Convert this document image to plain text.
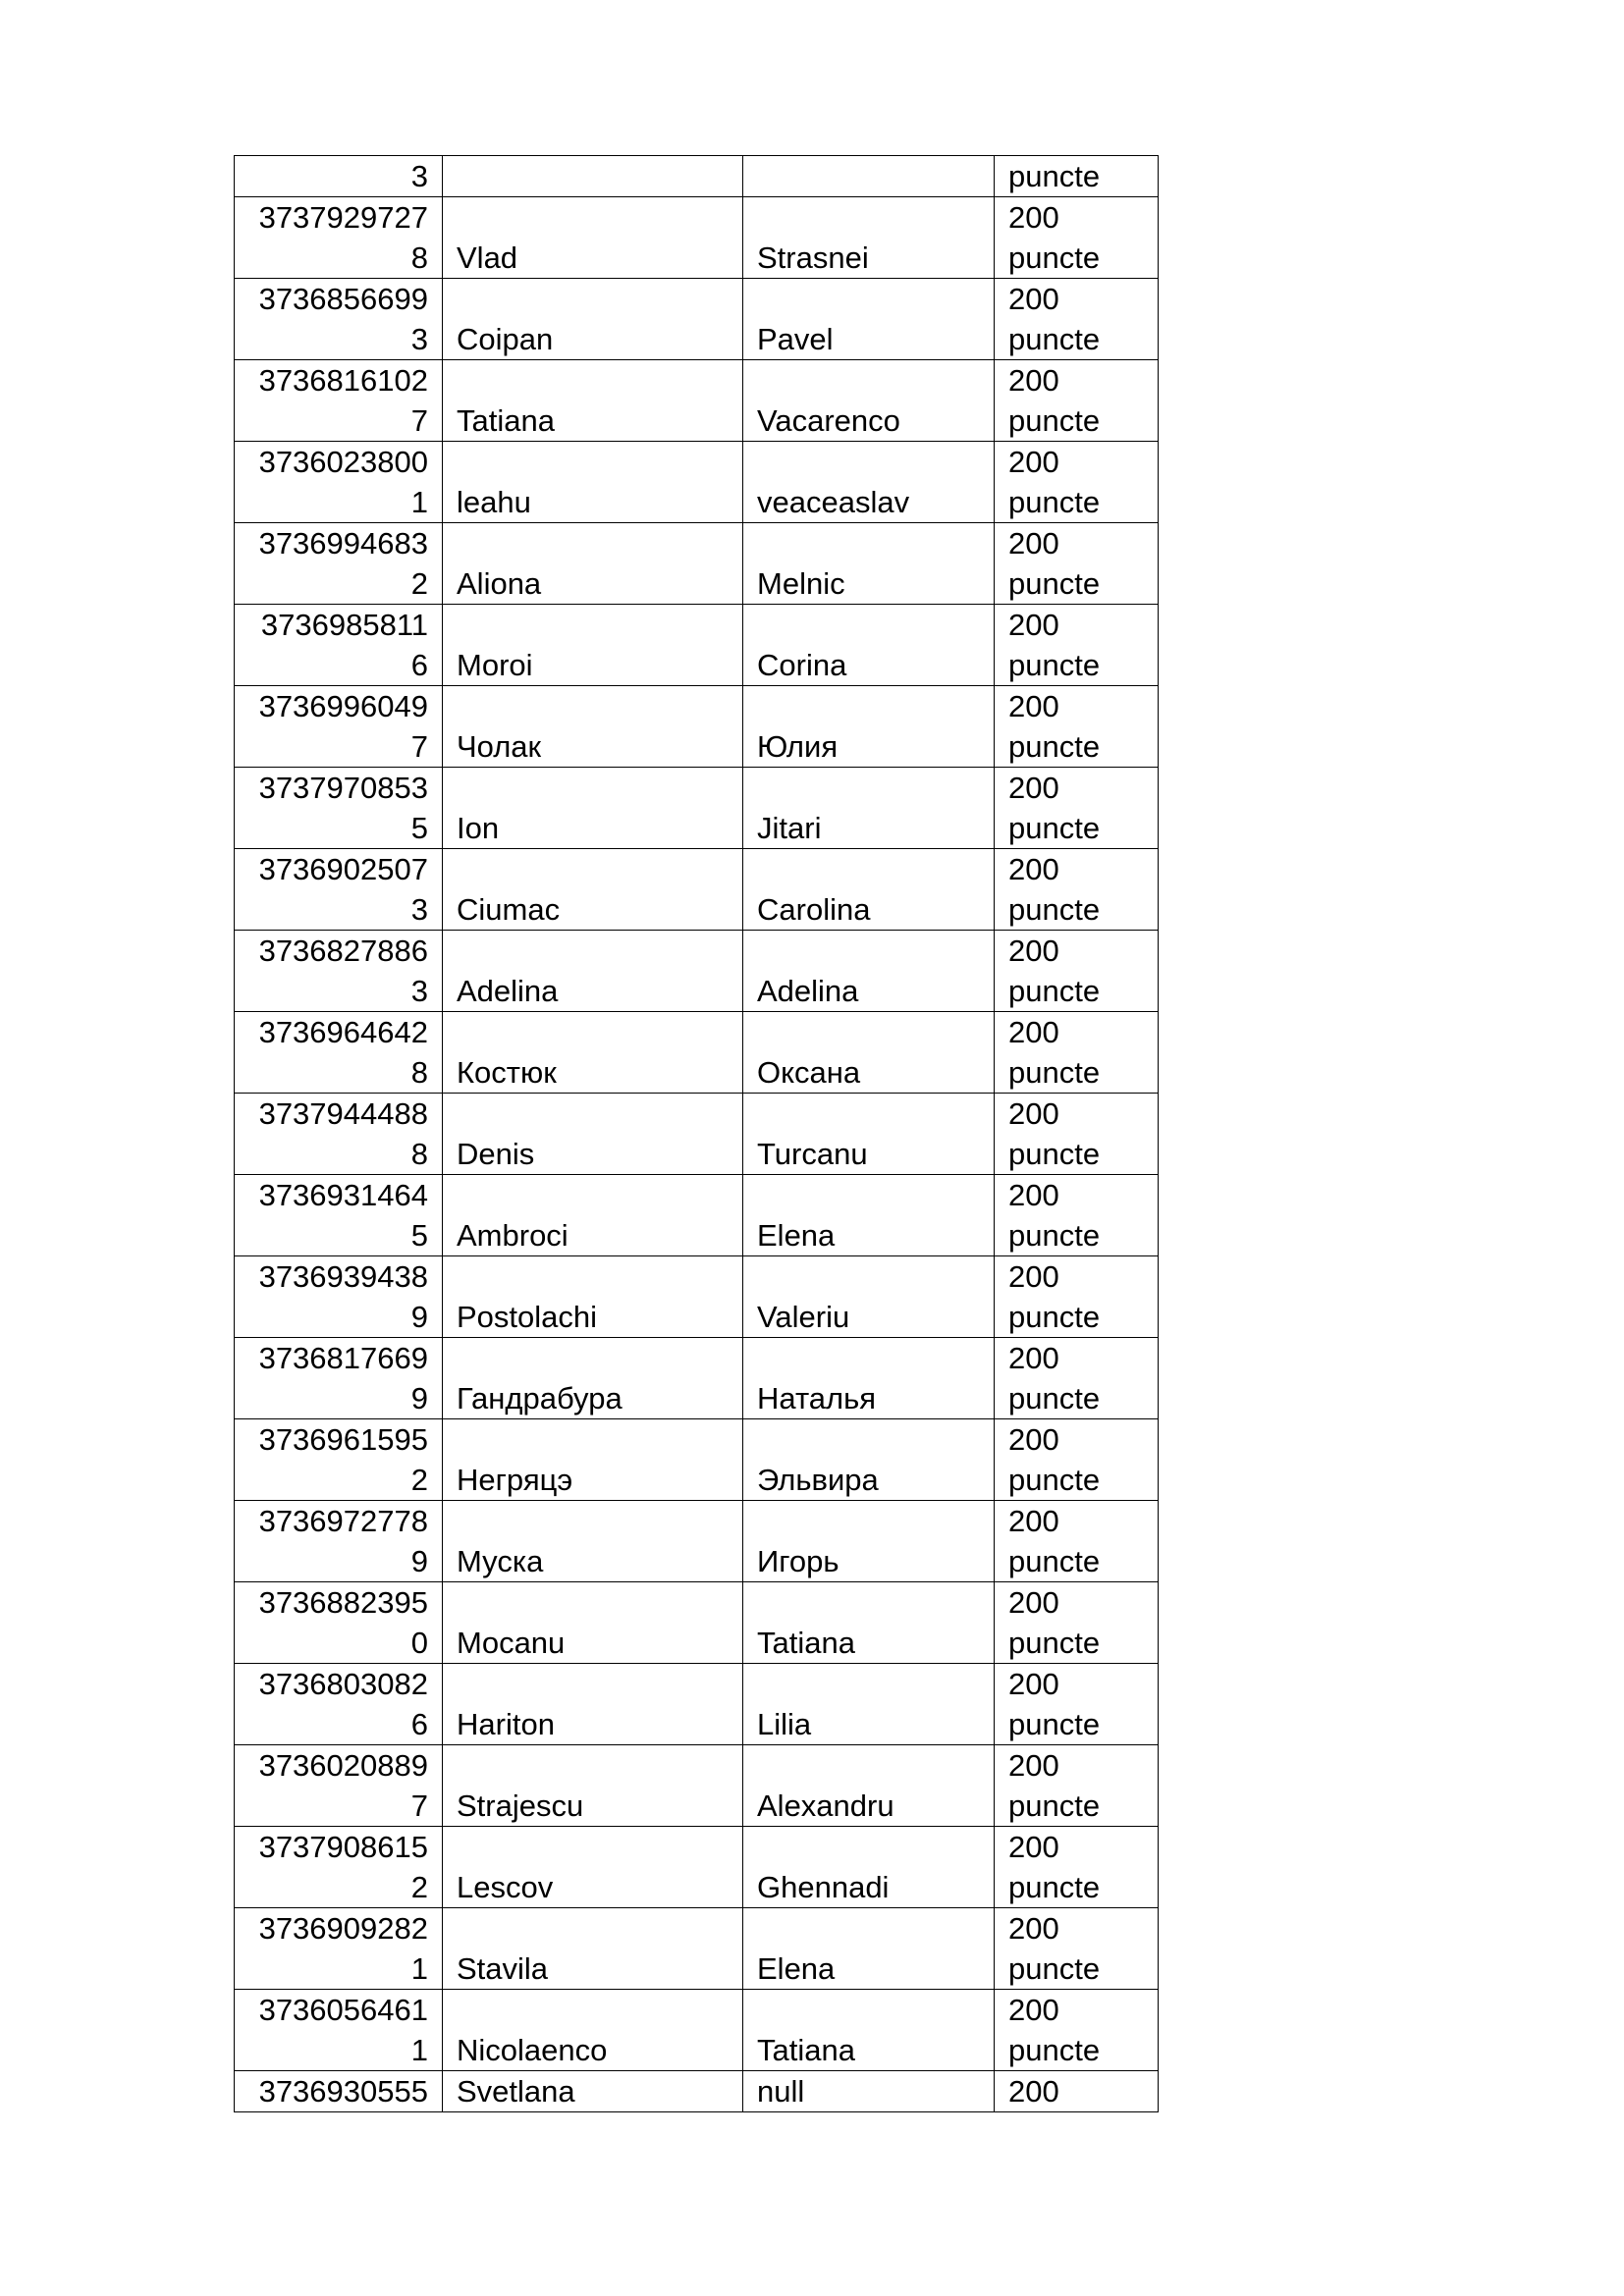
3			puncte

3737929727
8	Vlad	Strasnei	200
puncte

3736856699
3	Coipan	Pavel	200
puncte

3736816102
7	Tatiana	Vacarenco	200
puncte

3736023800
1	leahu	veaceaslav	200
puncte

3736994683
2	Aliona	Melnic	200
puncte

3736985811
6	Moroi	Corina	200
puncte

3736996049
7	Чолак	Юлия	200
puncte

3737970853
5	Ion	Jitari	200
puncte

3736902507
3	Ciumac	Carolina	200
puncte

3736827886
3	Adelina	Adelina	200
puncte

3736964642
8	Костюк	Оксана	200
puncte

3737944488
8	Denis	Turcanu	200
puncte

3736931464
5	Ambroci	Elena	200
puncte

3736939438
9	Postolachi	Valeriu	200
puncte

3736817669
9	Гандрабура	Наталья	200
puncte

3736961595
2	Негряцэ	Эльвира	200
puncte

3736972778
9	Муска	Игорь	200
puncte

3736882395
0	Mocanu	Tatiana	200
puncte

3736803082
6	Hariton	Lilia	200
puncte

3736020889
7	Strajescu	Alexandru	200
puncte

3737908615
2	Lescov	Ghennadi	200
puncte

3736909282
1	Stavila	Elena	200
puncte

3736056461
1	Nicolaenco	Tatiana	200
puncte

3736930555	Svetlana	null	200
